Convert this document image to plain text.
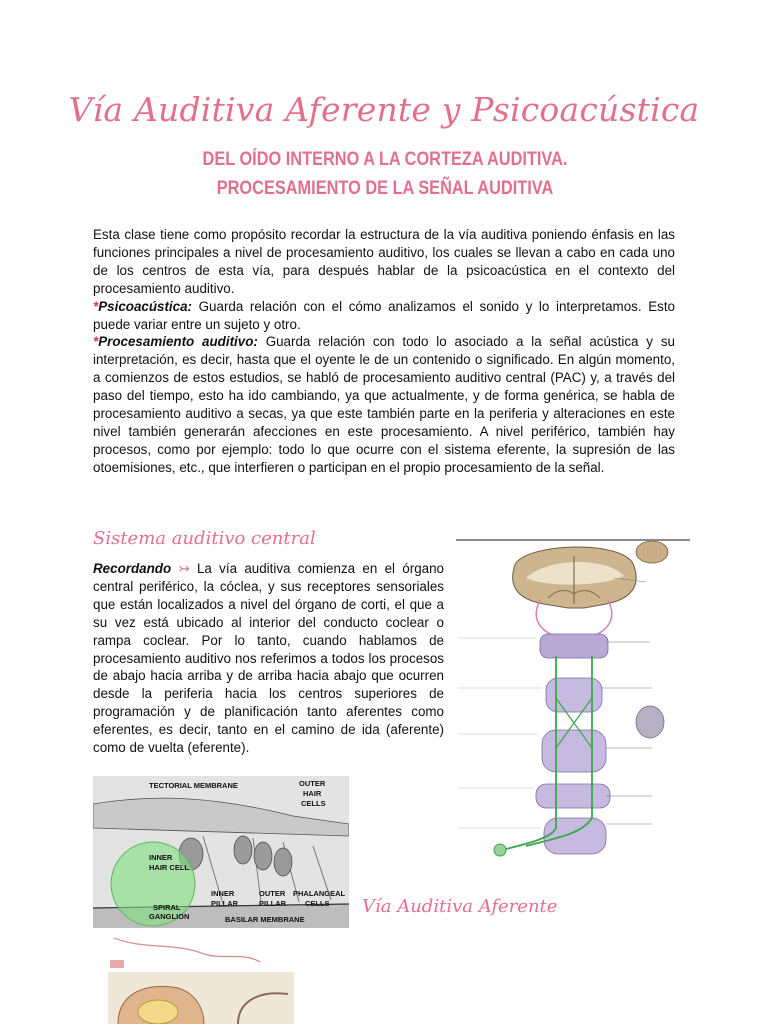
Vía Auditiva Aferente y Psicoacústica
DEL OÍDO INTERNO A LA CORTEZA AUDITIVA. PROCESAMIENTO DE LA SEÑAL AUDITIVA

Esta clase tiene como propósito recordar la estructura de la vía auditiva poniendo énfasis en las funciones principales a nivel de procesamiento auditivo, los cuales se llevan a cabo en cada uno de los centros de esta vía, para después hablar de la psicoacústica en el contexto del procesamiento auditivo.

*Psicoacústica: Guarda relación con el cómo analizamos el sonido y lo interpretamos. Esto puede variar entre un sujeto y otro.

*Procesamiento auditivo: Guarda relación con todo lo asociado a la señal acústica y su interpretación, es decir, hasta que el oyente le de un contenido o significado. En algún momento, a comienzos de estos estudios, se habló de procesamiento auditivo central (PAC) y, a través del paso del tiempo, esto ha ido cambiando, ya que actualmente, y de forma genérica, se habla de procesamiento auditivo a secas, ya que este también parte en la periferia y alteraciones en este nivel también generarán afecciones en este procesamiento. A nivel periférico, también hay procesos, como por ejemplo: todo lo que ocurre con el sistema eferente, la supresión de las otoemisiones, etc., que interfieren o participan en el propio procesamiento de la señal.

Sistema auditivo central
Recordando ↣ La vía auditiva comienza en el órgano central periférico, la cóclea, y sus receptores sensoriales que están localizados a nivel del órgano de corti, el que a su vez está ubicado al interior del conducto coclear o rampa coclear. Por lo tanto, cuando hablamos de procesamiento auditivo nos referimos a todos los procesos de abajo hacia arriba y de arriba hacia abajo que ocurren desde la periferia hacia los centros superiores de programación y de planificación tanto aferentes como eferentes, es decir, tanto en el camino de ida (aferente) como de vuelta (eferente).
Vía Auditiva Aferente
TECTORIAL MEMBRANE	OUTER
HAIR
CELLS
INNER
HAIR CELL
INNER
PILLAR
OUTER
PILLAR
PHALANGEAL
CELLS
SPIRAL
GANGLION	BASILAR MEMBRANE
